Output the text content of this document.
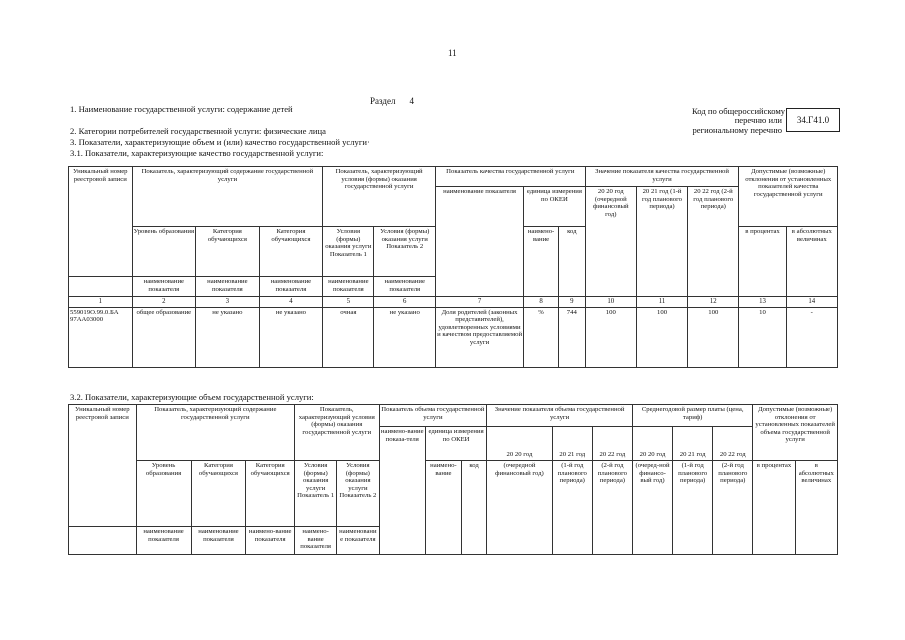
11
Раздел 4
1. Наименование государственной услуги: содержание детей	Код по общероссийскому
перечню или
региональному перечню
34.Г41.0
2. Категории потребителей государственной услуги: физические лица
3. Показатели, характеризующие объем и (или) качество государственной услуги·
3.1. Показатели, характеризующие качество государственной услуги:
Уникальный номер реестровой записи	Показатель, характеризующий содержание государственной услуги			Показатель, характеризующий условия (формы) оказания государственной услуги		Показатель качества государственной услуги			Значение показателя качества государственной услуги			Допустимые (возможные) отклонения от установленных показателей качества государственной услуги	
						наименование показателя	единица измерения по ОКЕИ		20 20 год (очередной финансовый год)	20 21 год (1-й год планового периода)	20 22 год (2-й год планового периода)		
	Уровень образования	Категория обучающихся	Категория обучающихся	Условия (формы) оказания услуги Показатель 1	Условия (формы) оказания услуги Показатель 2		наимено-вание	код				в процентах	в абсолютных величинах
	наименование показателя	наименование показателя	наименование показателя	наименование показателя	наименование показателя								
1	2	3	4	5	6	7	8	9	10	11	12	13	14
559019О.99.0.БА 97АА03000	общее образование	не указано	не указано	очная	не указано	Доля родителей (законных представителей), удовлетворенных условиями и качеством предоставляемой услуги	%	744	100	100	100	10	-
3.2. Показатели, характеризующие объем государственной услуги:
Уникальный номер реестровой записи	Показатель, характеризующий содержание государственной услуги			Показатель, характеризующий условия (формы) оказания государственной услуги		Показатель объема государственной услуги			Значение показателя объема государственной услуги			Среднегодовой размер платы (цена, тариф)			Допустимые (возможные) отклонения от установленных показателей объема государственной услуги	
						наимено-вание показа-теля	единица измерения по ОКЕИ		20 20 год	20 21 год	20 22 год	20 20 год	20 21 год	20 22 год		
	Уровень образования	Категория обучающихся	Категория обучающихся	Условия (формы) оказания услуги Показатель 1	Условия (формы) оказания услуги Показатель 2		наимено-вание	код	(очередной финансовый год)	(1-й год планового периода)	(2-й год планового периода)	(очеред-ной финансо-вый год)	(1-й год планового периода)	(2-й год планового периода)	в процентах	в абсолютных величинах
	наименование показателя	наименование показателя	наимено-вание показателя	наимено-вание показателя	наименование показателя											
